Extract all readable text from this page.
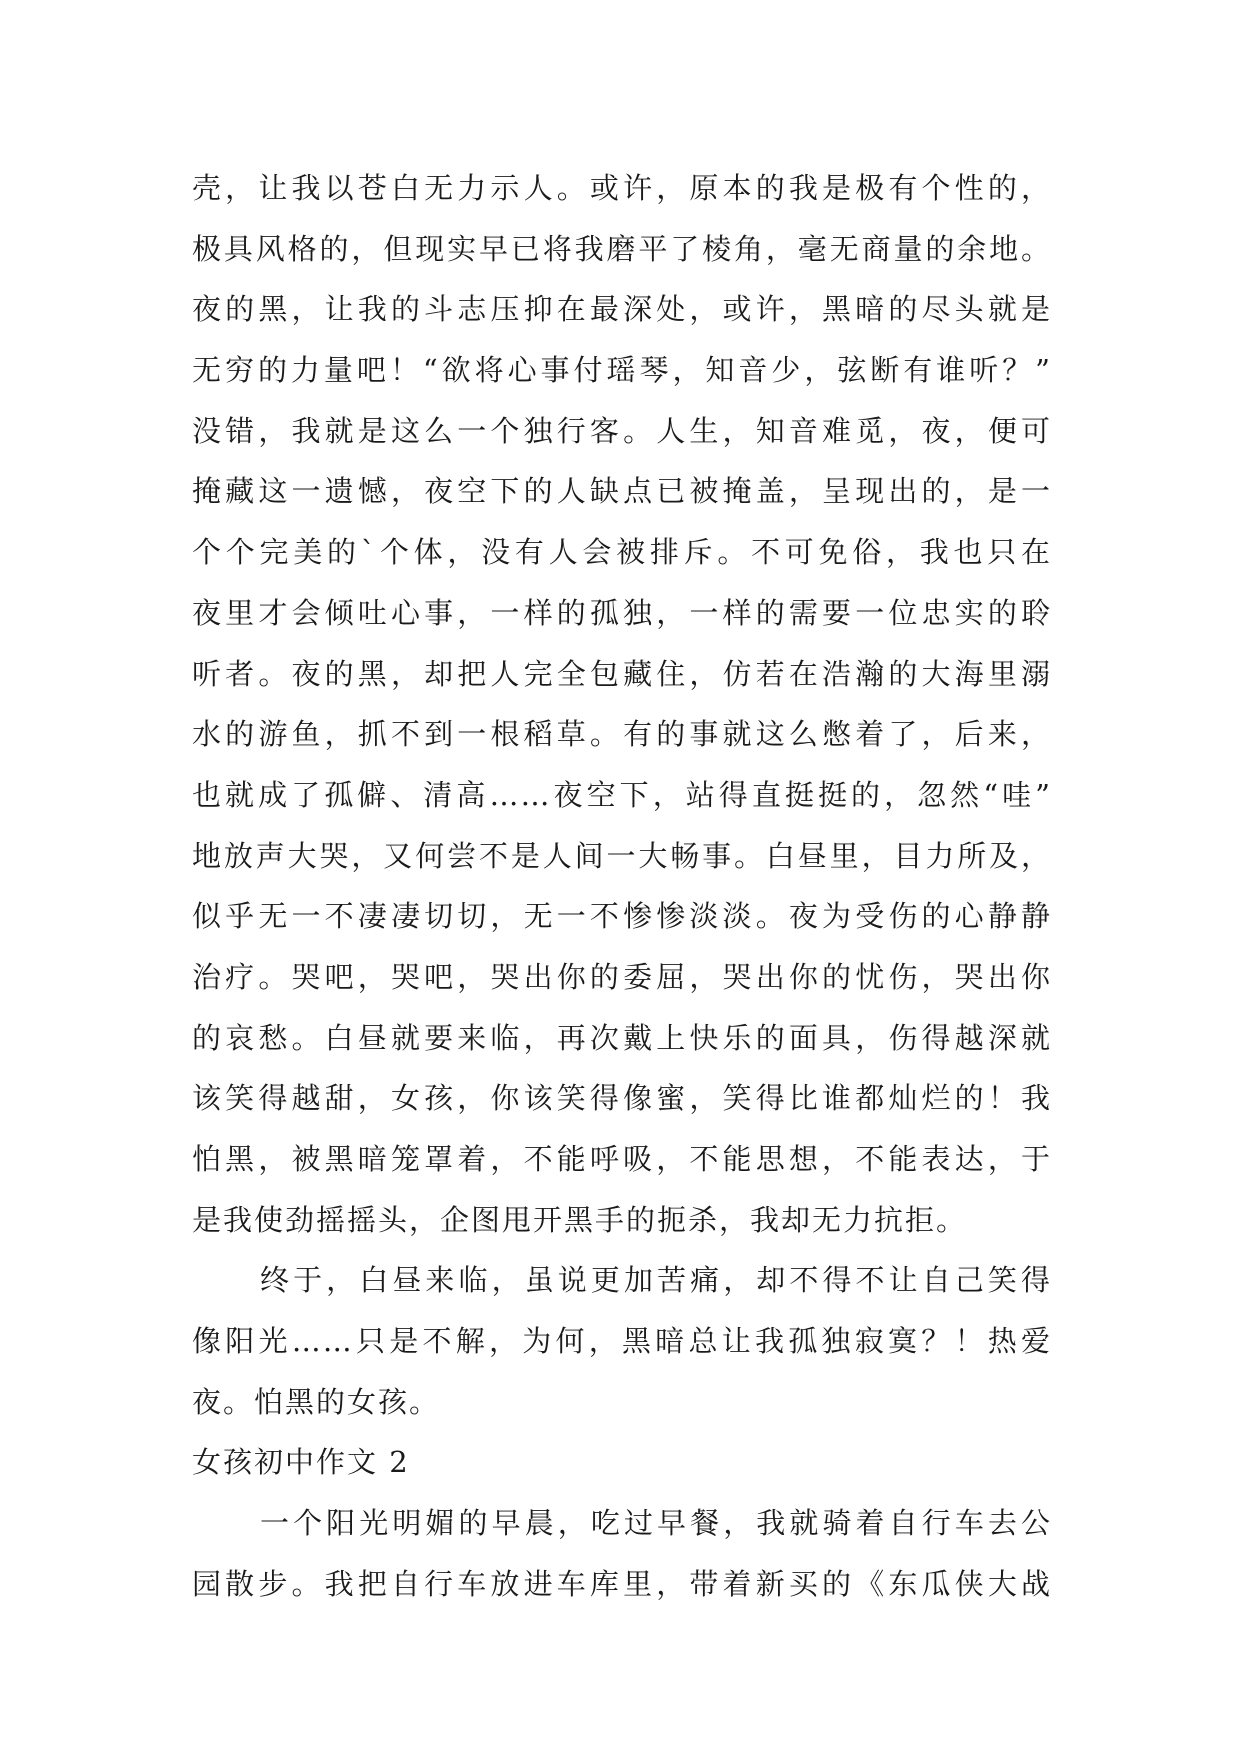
壳，让我以苍白无力示人。或许，原本的我是极有个性的，
极具风格的，但现实早已将我磨平了棱角，毫无商量的余地。
夜的黑，让我的斗志压抑在最深处，或许，黑暗的尽头就是
无穷的力量吧！“欲将心事付瑶琴，知音少，弦断有谁听？”
没错，我就是这么一个独行客。人生，知音难觅，夜，便可
掩藏这一遗憾，夜空下的人缺点已被掩盖，呈现出的，是一
个个完美的`个体，没有人会被排斥。不可免俗，我也只在
夜里才会倾吐心事，一样的孤独，一样的需要一位忠实的聆
听者。夜的黑，却把人完全包藏住，仿若在浩瀚的大海里溺
水的游鱼，抓不到一根稻草。有的事就这么憋着了，后来，
也就成了孤僻、清高……夜空下，站得直挺挺的，忽然“哇”
地放声大哭，又何尝不是人间一大畅事。白昼里，目力所及，
似乎无一不凄凄切切，无一不惨惨淡淡。夜为受伤的心静静
治疗。哭吧，哭吧，哭出你的委屈，哭出你的忧伤，哭出你
的哀愁。白昼就要来临，再次戴上快乐的面具，伤得越深就
该笑得越甜，女孩，你该笑得像蜜，笑得比谁都灿烂的！我
怕黑，被黑暗笼罩着，不能呼吸，不能思想，不能表达，于
是我使劲摇摇头，企图甩开黑手的扼杀，我却无力抗拒。
终于，白昼来临，虽说更加苦痛，却不得不让自己笑得
像阳光……只是不解，为何，黑暗总让我孤独寂寞？！热爱
夜。怕黑的女孩。
女孩初中作文 2
一个阳光明媚的早晨，吃过早餐，我就骑着自行车去公
园散步。我把自行车放进车库里，带着新买的《东瓜侠大战
